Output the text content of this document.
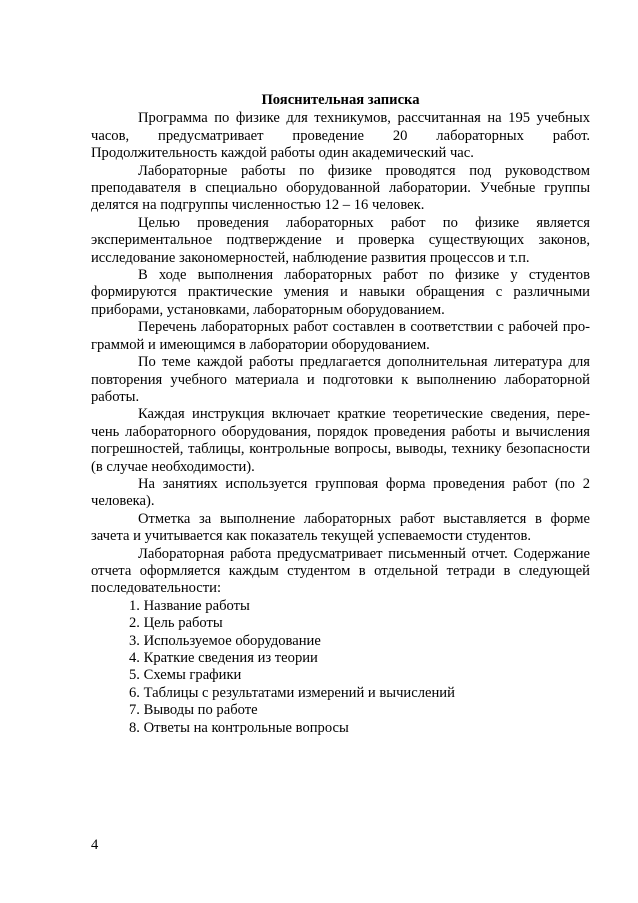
Пояснительная записка

Программа по физике для техникумов, рассчитанная на 195 учебных часов, предусматривает проведение 20 лабораторных работ. Продолжительность каждой работы один академический час.

Лабораторные работы по физике проводятся под руководством преподавателя в специально оборудованной лаборатории. Учебные группы делятся на подгруппы численностью 12 – 16 человек.

Целью проведения лабораторных работ по физике является экспериментальное подтверждение и проверка существующих законов, исследование закономерностей, наблюдение развития процессов и т.п.

В ходе выполнения лабораторных работ по физике у студентов формируются практические умения и навыки обращения с различными приборами, установками, лабораторным оборудованием.

Перечень лабораторных работ составлен в соответствии с рабочей программой и имеющимся в лаборатории оборудованием.

По теме каждой работы предлагается дополнительная литература для повторения учебного материала и подготовки к выполнению лабораторной работы.

Каждая инструкция включает краткие теоретические сведения, перечень лабораторного оборудования, порядок проведения работы и вычисления погрешностей, таблицы, контрольные вопросы, выводы, технику безопасности (в случае необходимости).

На занятиях используется групповая форма проведения работ (по 2 человека).

Отметка за выполнение лабораторных работ выставляется в форме зачета и учитывается как показатель текущей успеваемости студентов.

Лабораторная работа предусматривает письменный отчет. Содержание отчета оформляется каждым студентом в отдельной тетради в следующей последовательности:

1. Название работы
2. Цель работы
3. Используемое оборудование
4. Краткие сведения из теории
5. Схемы графики
6. Таблицы с результатами измерений и вычислений
7. Выводы по работе
8. Ответы на контрольные вопросы
4
